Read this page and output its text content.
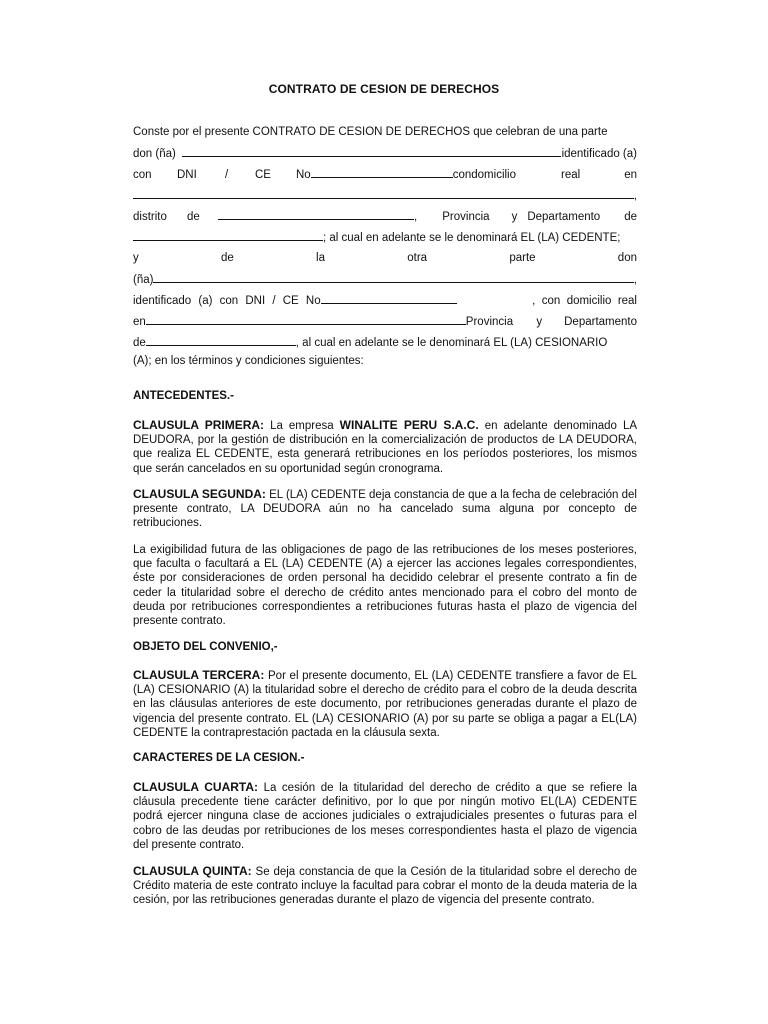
CONTRATO DE CESION DE DERECHOS
Conste por el presente CONTRATO DE CESION DE DERECHOS que celebran de una parte
don (ña)	identificado (a)
con	DNI	/	CE	No	con domicilio	real	en
,
distrito	de	, Provincia y Departamento de
; al cual en adelante se le denominará EL (LA) CEDENTE;
y	de	la	otra	parte	don
(ña)	,
identificado (a) con DNI / CE No	,  con  domicilio  real
en	Provincia y Departamento
de	, al cual en adelante se le denominará EL (LA) CESIONARIO
(A); en los términos y condiciones siguientes:
ANTECEDENTES.-
CLAUSULA PRIMERA: La empresa WINALITE PERU S.A.C. en adelante denominado LA DEUDORA, por la gestión de distribución en la comercialización de productos de LA DEUDORA, que realiza EL CEDENTE, esta generará retribuciones en los períodos posteriores, los mismos que serán cancelados en su oportunidad según cronograma.
CLAUSULA SEGUNDA: EL (LA) CEDENTE deja constancia de que a la fecha de celebración del presente contrato, LA DEUDORA aún no ha cancelado suma alguna por concepto de retribuciones.
La exigibilidad futura de las obligaciones de pago de las retribuciones de los meses posteriores, que faculta o facultará a EL (LA) CEDENTE (A) a ejercer las acciones legales correspondientes, éste por consideraciones de orden personal ha decidido celebrar el presente contrato a fin de ceder la titularidad sobre el derecho de crédito antes mencionado para el cobro del monto de deuda por retribuciones correspondientes a retribuciones futuras hasta el plazo de vigencia del presente contrato.
OBJETO DEL CONVENIO,-
CLAUSULA TERCERA: Por el presente documento, EL (LA) CEDENTE transfiere a favor de EL (LA) CESIONARIO (A) la titularidad sobre el derecho de crédito para el cobro de la deuda descrita en las cláusulas anteriores de este documento, por retribuciones generadas durante el plazo de vigencia del presente contrato. EL (LA) CESIONARIO (A) por su parte se obliga a pagar a EL(LA) CEDENTE la contraprestación pactada en la cláusula sexta.
CARACTERES DE LA CESION.-
CLAUSULA CUARTA: La cesión de la titularidad del derecho de crédito a que se refiere la cláusula precedente tiene carácter definitivo, por lo que por ningún motivo EL(LA) CEDENTE podrá ejercer ninguna clase de acciones judiciales o extrajudiciales presentes o futuras para el cobro de las deudas por retribuciones de los meses correspondientes hasta el plazo de vigencia del presente contrato.
CLAUSULA QUINTA: Se deja constancia de que la Cesión de la titularidad sobre el derecho de Crédito materia de este contrato incluye la facultad para cobrar el monto de la deuda materia de la cesión, por las retribuciones generadas durante el plazo de vigencia del presente contrato.
